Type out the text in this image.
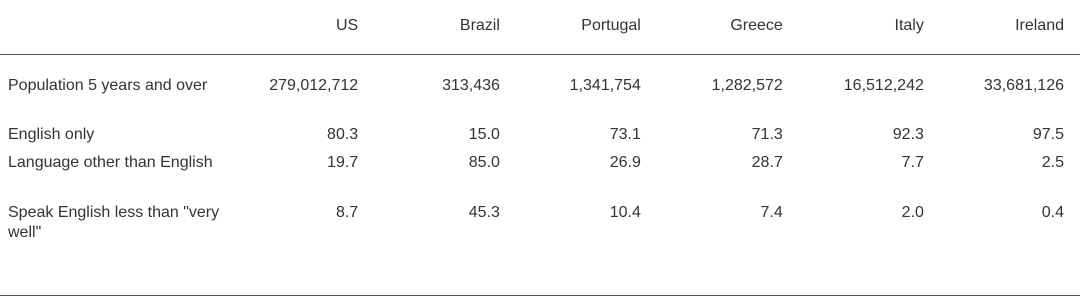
	US	Brazil	Portugal	Greece	Italy	Ireland
Population 5 years and over	279,012,712	313,436	1,341,754	1,282,572	16,512,242	33,681,126
English only	80.3	15.0	73.1	71.3	92.3	97.5
Language other than English	19.7	85.0	26.9	28.7	7.7	2.5
Speak English less than "very well"	8.7	45.3	10.4	7.4	2.0	0.4
